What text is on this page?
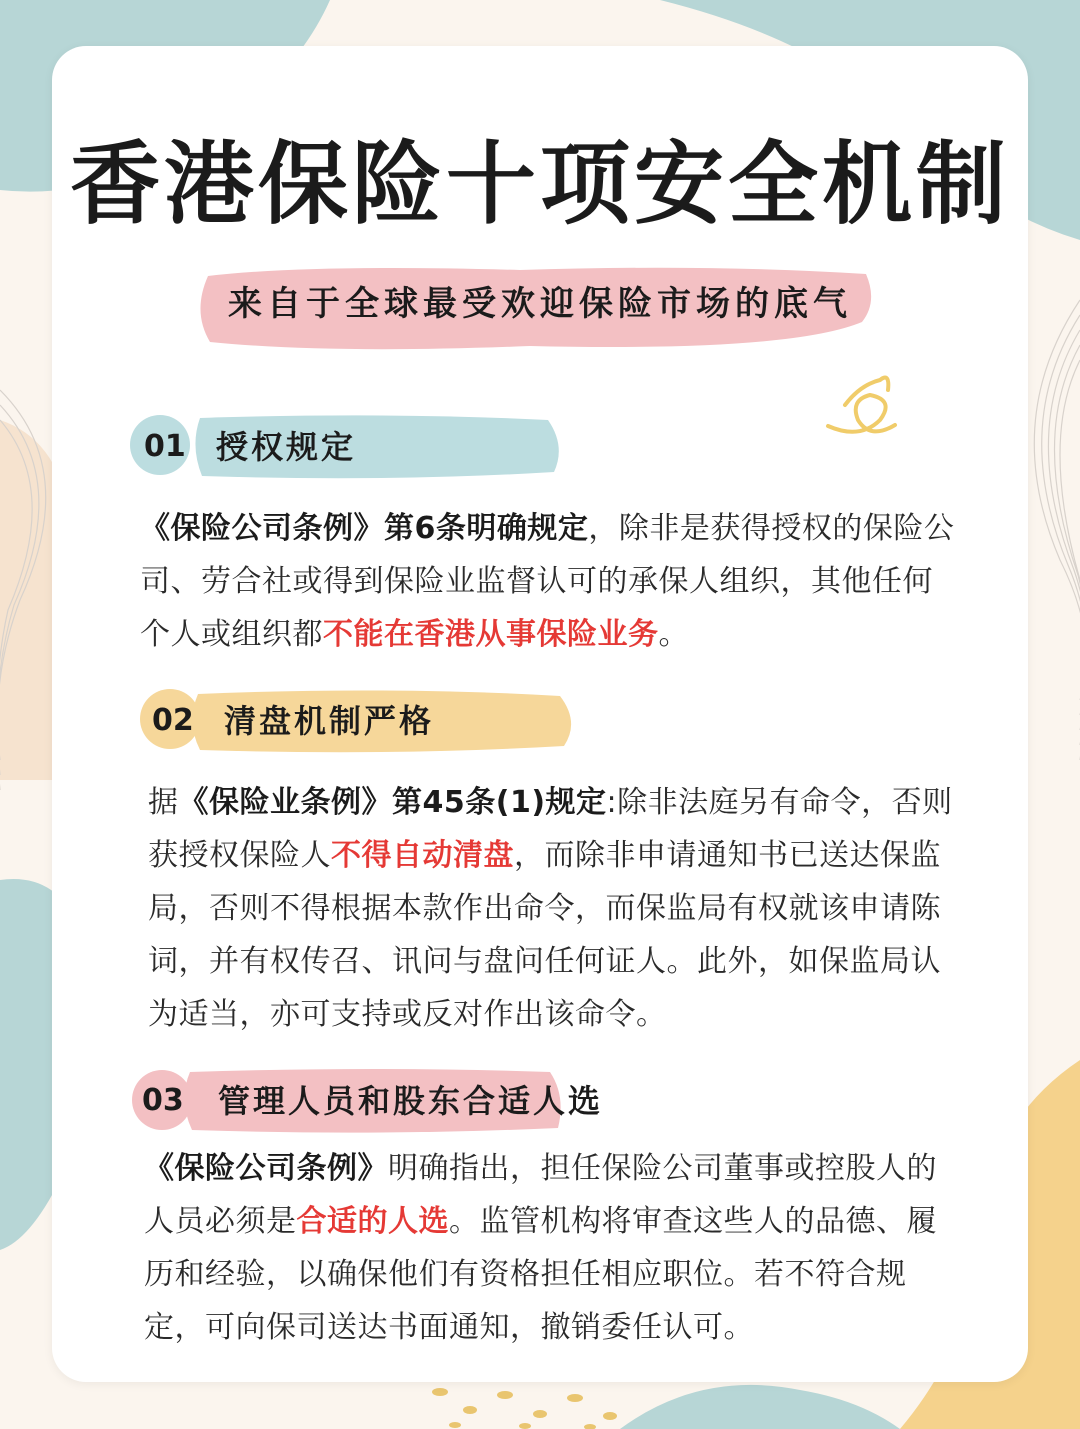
香港保险十项安全机制
来自于全球最受欢迎保险市场的底气
01 授权规定
《保险公司条例》第6条明确规定，除非是获得授权的保险公司、劳合社或得到保险业监督认可的承保人组织，其他任何个人或组织都不能在香港从事保险业务。
02 清盘机制严格
据《保险业条例》第45条(1)规定:除非法庭另有命令，否则获授权保险人不得自动清盘，而除非申请通知书已送达保监局，否则不得根据本款作出命令，而保监局有权就该申请陈词，并有权传召、讯问与盘问任何证人。此外，如保监局认为适当，亦可支持或反对作出该命令。
03 管理人员和股东合适人选
《保险公司条例》明确指出，担任保险公司董事或控股人的人员必须是合适的人选。监管机构将审查这些人的品德、履历和经验，以确保他们有资格担任相应职位。若不符合规定，可向保司送达书面通知，撤销委任认可。
